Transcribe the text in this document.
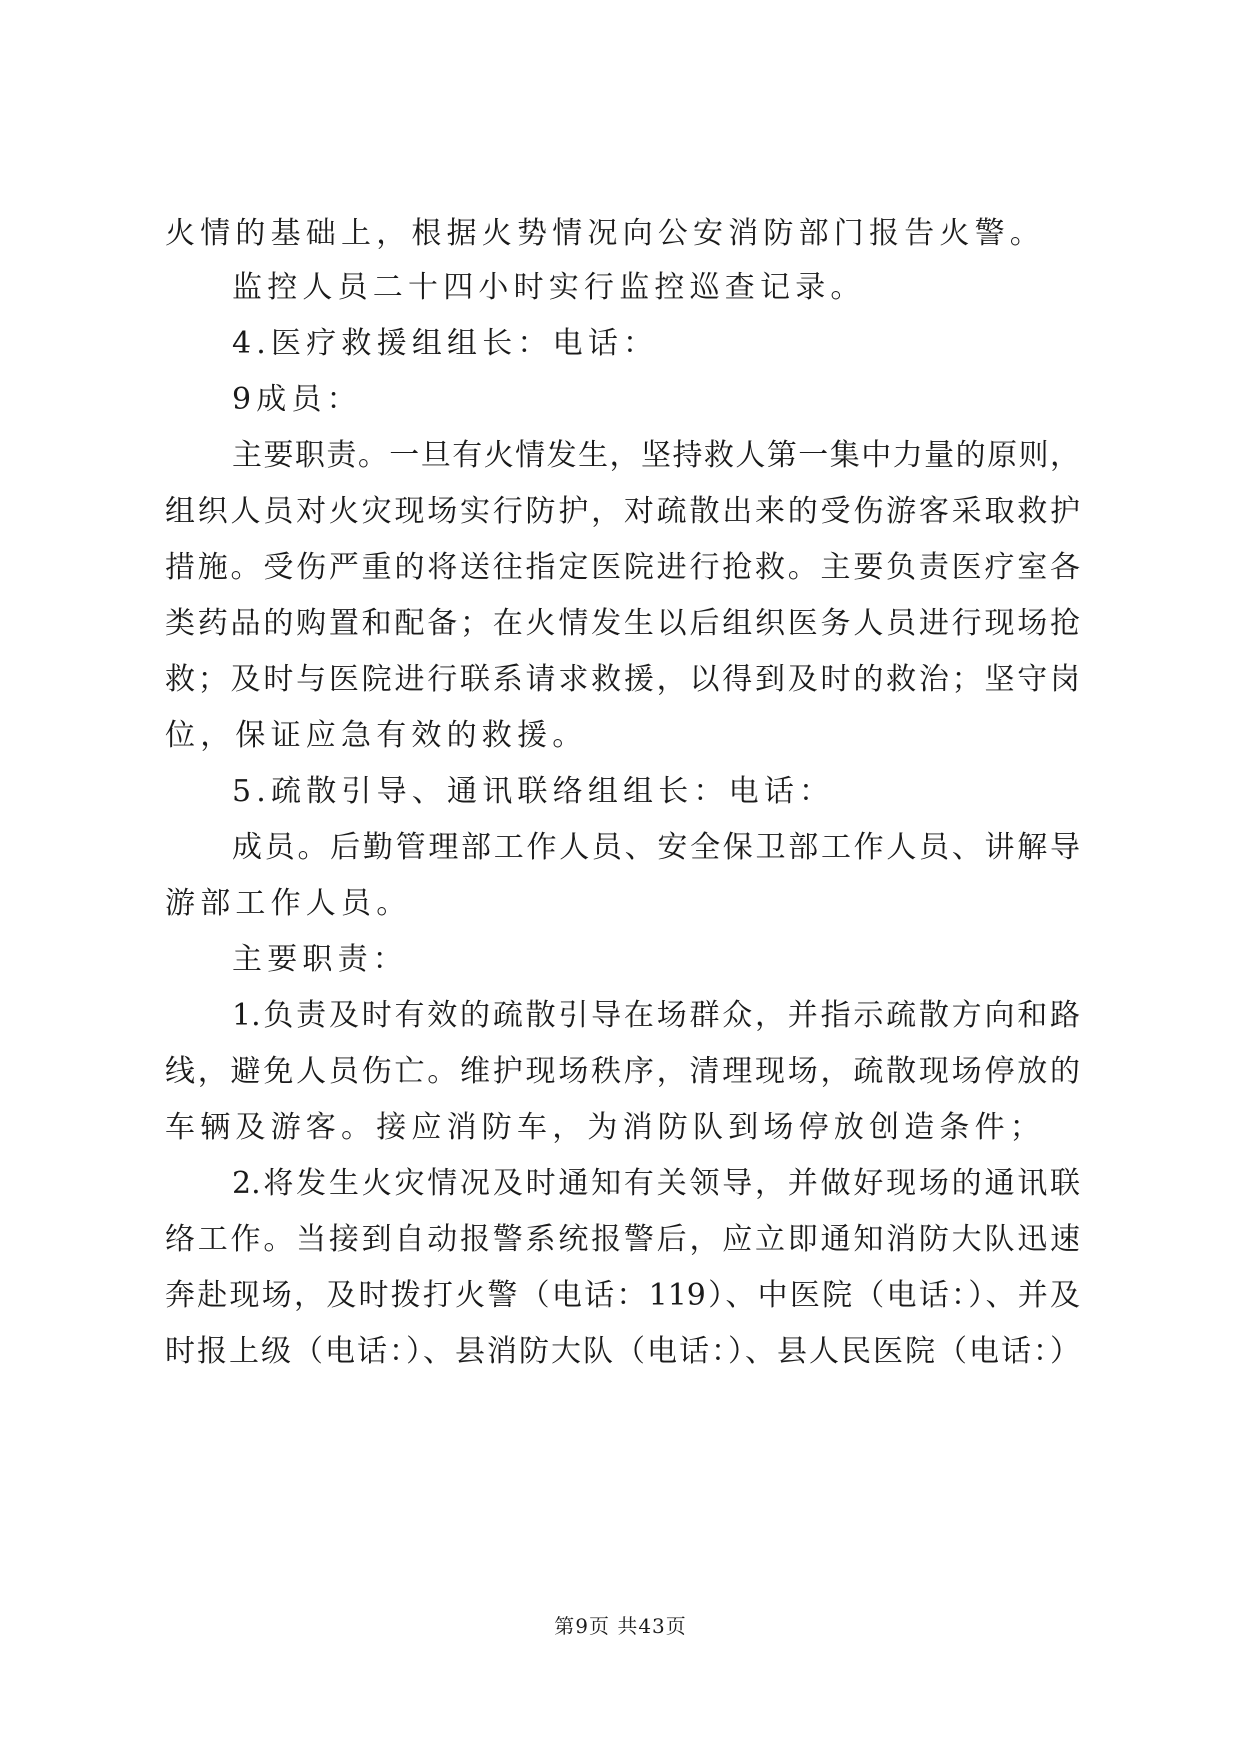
火情的基础上，根据火势情况向公安消防部门报告火警。
监控人员二十四小时实行监控巡查记录。
4.医疗救援组组长：电话：
9成员：
主要职责。一旦有火情发生，坚持救人第一集中力量的原则，
组织人员对火灾现场实行防护，对疏散出来的受伤游客采取救护
措施。受伤严重的将送往指定医院进行抢救。主要负责医疗室各
类药品的购置和配备；在火情发生以后组织医务人员进行现场抢
救；及时与医院进行联系请求救援，以得到及时的救治；坚守岗
位，保证应急有效的救援。
5.疏散引导、通讯联络组组长：电话：
成员。后勤管理部工作人员、安全保卫部工作人员、讲解导
游部工作人员。
主要职责：
1.负责及时有效的疏散引导在场群众，并指示疏散方向和路
线，避免人员伤亡。维护现场秩序，清理现场，疏散现场停放的
车辆及游客。接应消防车，为消防队到场停放创造条件；
2.将发生火灾情况及时通知有关领导，并做好现场的通讯联
络工作。当接到自动报警系统报警后，应立即通知消防大队迅速
奔赴现场，及时拨打火警（电话：119）、中医院（电话：）、并及
时报上级（电话：）、县消防大队（电话：）、县人民医院（电话：）
第9页 共43页
